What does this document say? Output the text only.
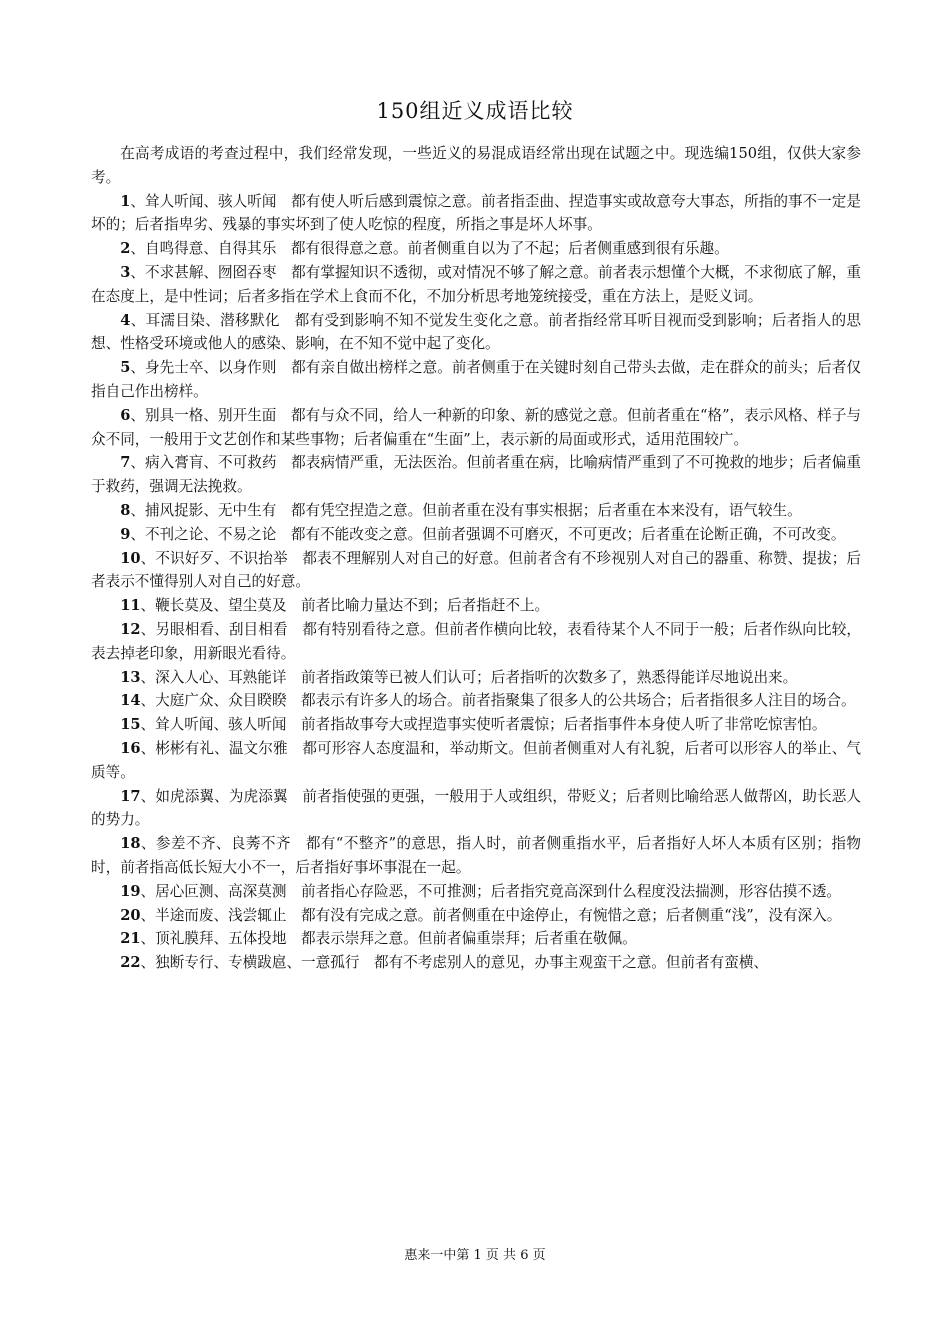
150组近义成语比较

在高考成语的考查过程中，我们经常发现，一些近义的易混成语经常出现在试题之中。现选编150组，仅供大家参考。

1、耸人听闻、骇人听闻　都有使人听后感到震惊之意。前者指歪曲、捏造事实或故意夸大事态，所指的事不一定是坏的；后者指卑劣、残暴的事实坏到了使人吃惊的程度，所指之事是坏人坏事。

2、自鸣得意、自得其乐　都有很得意之意。前者侧重自以为了不起；后者侧重感到很有乐趣。

3、不求甚解、囫囵吞枣　都有掌握知识不透彻，或对情况不够了解之意。前者表示想懂个大概，不求彻底了解，重在态度上，是中性词；后者多指在学术上食而不化，不加分析思考地笼统接受，重在方法上，是贬义词。

4、耳濡目染、潜移默化　都有受到影响不知不觉发生变化之意。前者指经常耳听目视而受到影响；后者指人的思想、性格受环境或他人的感染、影响，在不知不觉中起了变化。

5、身先士卒、以身作则　都有亲自做出榜样之意。前者侧重于在关键时刻自己带头去做，走在群众的前头；后者仅指自己作出榜样。

6、别具一格、别开生面　都有与众不同，给人一种新的印象、新的感觉之意。但前者重在“格”，表示风格、样子与众不同，一般用于文艺创作和某些事物；后者偏重在“生面”上，表示新的局面或形式，适用范围较广。

7、病入膏肓、不可救药　都表病情严重，无法医治。但前者重在病，比喻病情严重到了不可挽救的地步；后者偏重于救药，强调无法挽救。

8、捕风捉影、无中生有　都有凭空捏造之意。但前者重在没有事实根据；后者重在本来没有，语气较生。

9、不刊之论、不易之论　都有不能改变之意。但前者强调不可磨灭，不可更改；后者重在论断正确，不可改变。

10、不识好歹、不识抬举　都表不理解别人对自己的好意。但前者含有不珍视别人对自己的器重、称赞、提拔；后者表示不懂得别人对自己的好意。

11、鞭长莫及、望尘莫及　前者比喻力量达不到；后者指赶不上。

12、另眼相看、刮目相看　都有特别看待之意。但前者作横向比较，表看待某个人不同于一般；后者作纵向比较，表去掉老印象，用新眼光看待。

13、深入人心、耳熟能详　前者指政策等已被人们认可；后者指听的次数多了，熟悉得能详尽地说出来。

14、大庭广众、众目睽睽　都表示有许多人的场合。前者指聚集了很多人的公共场合；后者指很多人注目的场合。

15、耸人听闻、骇人听闻　前者指故事夸大或捏造事实使听者震惊；后者指事件本身使人听了非常吃惊害怕。

16、彬彬有礼、温文尔雅　都可形容人态度温和，举动斯文。但前者侧重对人有礼貌，后者可以形容人的举止、气质等。

17、如虎添翼、为虎添翼　前者指使强的更强，一般用于人或组织，带贬义；后者则比喻给恶人做帮凶，助长恶人的势力。

18、参差不齐、良莠不齐　都有“不整齐”的意思，指人时，前者侧重指水平，后者指好人坏人本质有区别；指物时，前者指高低长短大小不一，后者指好事坏事混在一起。

19、居心叵测、高深莫测　前者指心存险恶，不可推测；后者指究竟高深到什么程度没法揣测，形容估摸不透。

20、半途而废、浅尝辄止　都有没有完成之意。前者侧重在中途停止，有惋惜之意；后者侧重“浅”，没有深入。

21、顶礼膜拜、五体投地　都表示崇拜之意。但前者偏重崇拜；后者重在敬佩。

22、独断专行、专横跋扈、一意孤行　都有不考虑别人的意见，办事主观蛮干之意。但前者有蛮横、

惠来一中第 1 页 共 6 页
